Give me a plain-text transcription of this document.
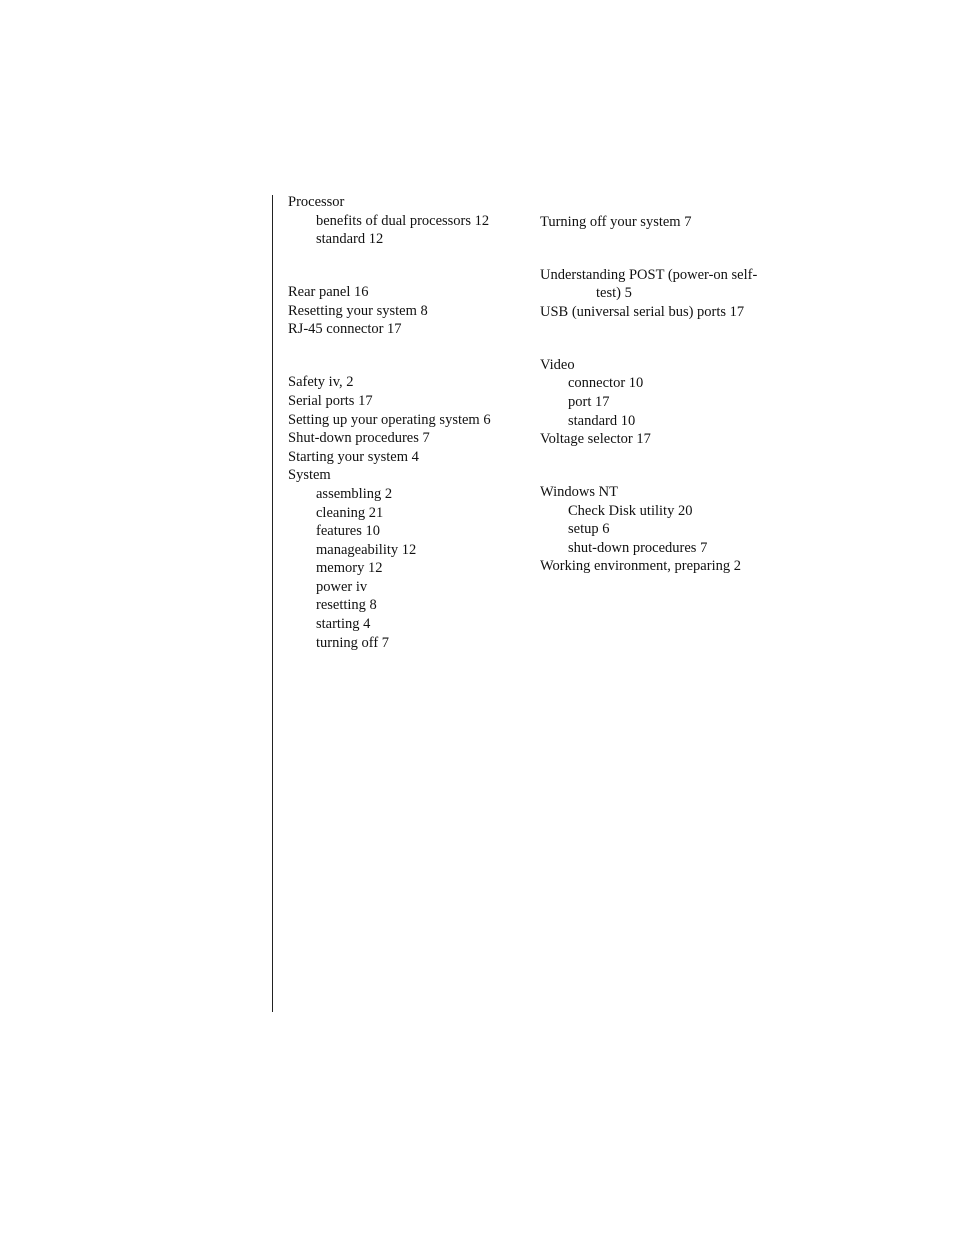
Processor
benefits of dual processors 12
standard 12
Rear panel 16
Resetting your system 8
RJ-45 connector 17
Safety iv, 2
Serial ports 17
Setting up your operating system 6
Shut-down procedures 7
Starting your system 4
System
assembling 2
cleaning 21
features 10
manageability 12
memory 12
power iv
resetting 8
starting 4
turning off 7
Turning off your system 7
Understanding POST (power-on self-
test) 5
USB (universal serial bus) ports 17
Video
connector 10
port 17
standard 10
Voltage selector 17
Windows NT
Check Disk utility 20
setup 6
shut-down procedures 7
Working environment, preparing 2
